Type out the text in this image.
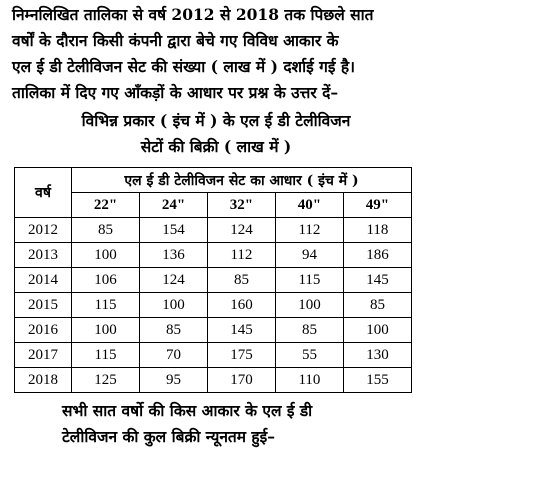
निम्नलिखित तालिका से वर्ष 2012 से 2018 तक पिछले सात
वर्षों के दौरान किसी कंपनी द्वारा बेचे गए विविध आकार के
एल ई डी टेलीविजन सेट की संख्या ( लाख में ) दर्शाई गई है।
तालिका में दिए गए आँकड़ों के आधार पर प्रश्न के उत्तर दें–
विभिन्न प्रकार ( इंच में ) के एल ई डी टेलीविजन
सेटों की बिक्री ( लाख में )
वर्ष	एल ई डी टेलीविजन सेट का आधार ( इंच में )				
	22"	24"	32"	40"	49"
2012	85	154	124	112	118
2013	100	136	112	94	186
2014	106	124	85	115	145
2015	115	100	160	100	85
2016	100	85	145	85	100
2017	115	70	175	55	130
2018	125	95	170	110	155
सभी सात वर्षो की किस आकार के एल ई डी
टेलीविजन की कुल बिक्री न्यूनतम हुई–
